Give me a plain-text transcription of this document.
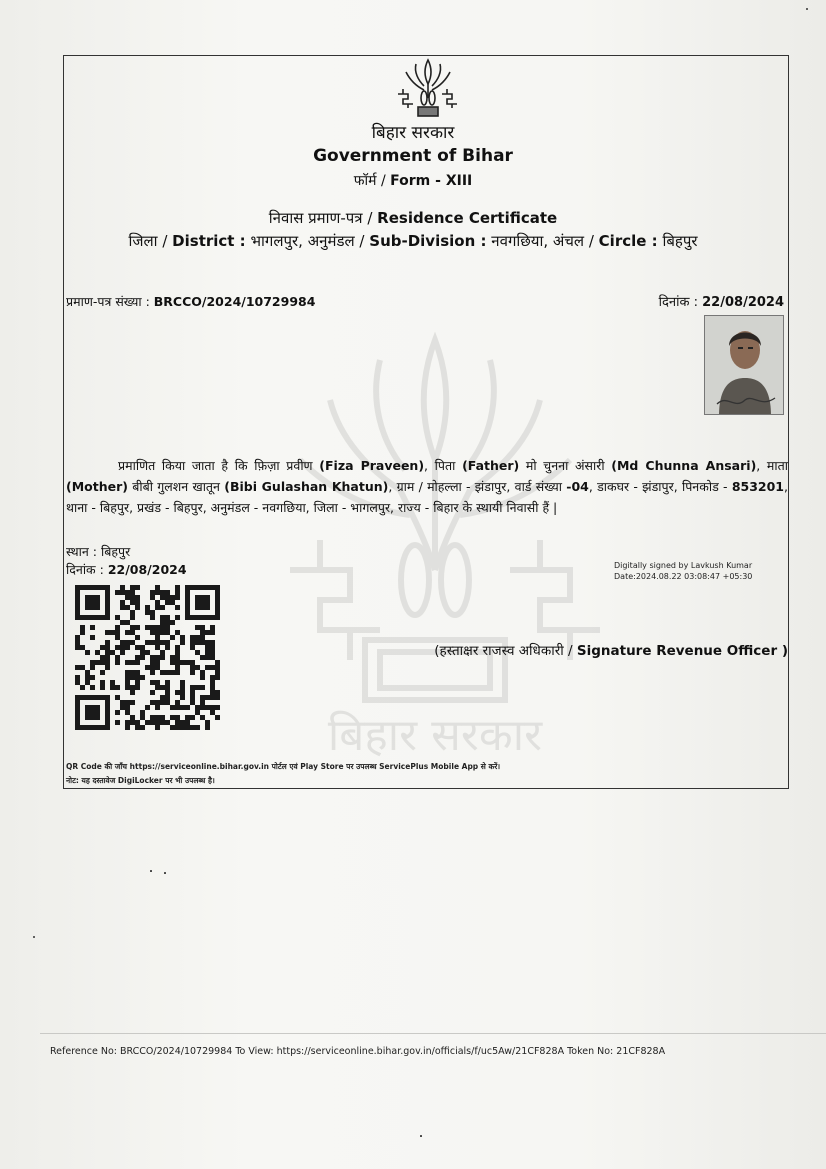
बिहार सरकार
बिहार सरकार
Government of Bihar
फॉर्म / Form - XIII
निवास प्रमाण-पत्र / Residence Certificate
जिला / District : भागलपुर, अनुमंडल / Sub-Division : नवगछिया, अंचल / Circle : बिहपुर
प्रमाण-पत्र संख्या : BRCCO/2024/10729984	दिनांक : 22/08/2024
प्रमाणित किया जाता है कि फ़िज़ा प्रवीण (Fiza Praveen), पिता (Father) मो चुनना अंसारी (Md Chunna Ansari), माता (Mother) बीबी गुलशन खातून (Bibi Gulashan Khatun), ग्राम / मोहल्ला - झंडापुर, वार्ड संख्या -04, डाकघर - झंडापुर, पिनकोड - 853201, थाना - बिहपुर, प्रखंड - बिहपुर, अनुमंडल - नवगछिया, जिला - भागलपुर, राज्य - बिहार के स्थायी निवासी हैं |
स्थान : बिहपुर
दिनांक : 22/08/2024	Digitally signed by Lavkush Kumar
Date:2024.08.22 03:08:47 +05:30
(हस्ताक्षर राजस्व अधिकारी / Signature Revenue Officer )
QR Code की जाँच https://serviceonline.bihar.gov.in पोर्टल एवं Play Store पर उपलब्ध ServicePlus Mobile App से करें।
नोट: यह दस्तावेज DigiLocker पर भी उपलब्ध है।
Reference No: BRCCO/2024/10729984 To View: https://serviceonline.bihar.gov.in/officials/f/uc5Aw/21CF828A Token No: 21CF828A
